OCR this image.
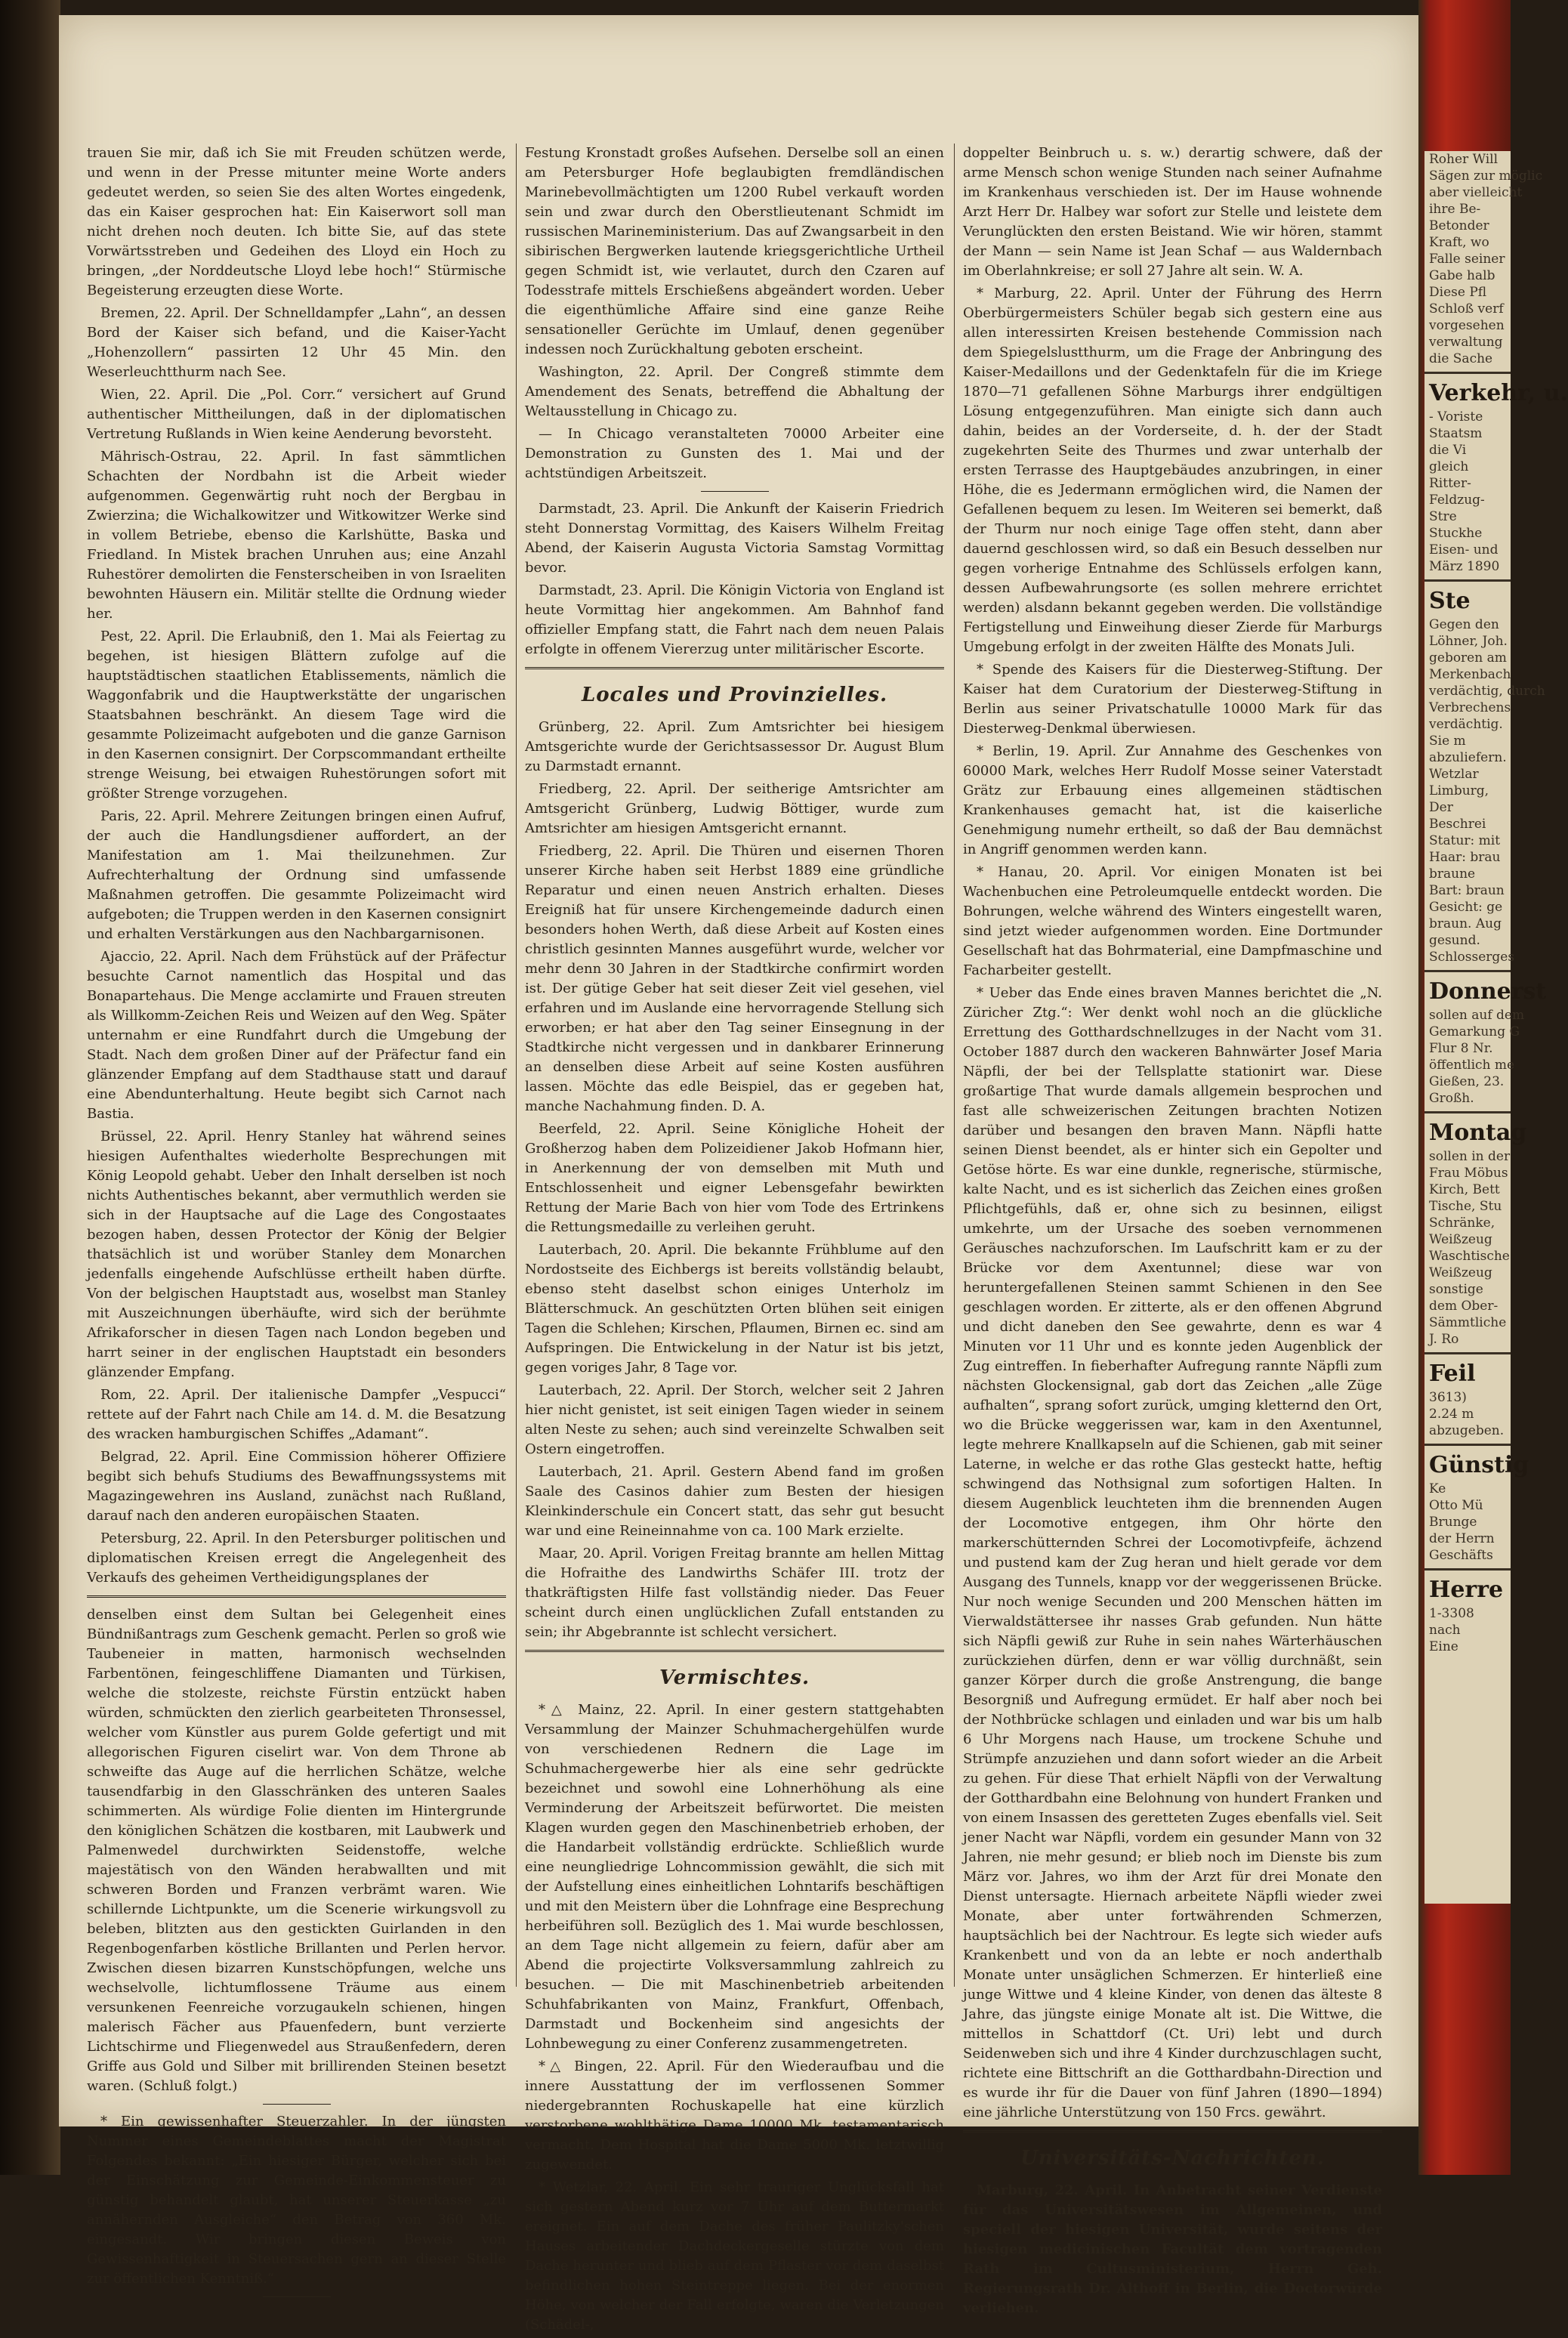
trauen Sie mir, daß ich Sie mit Freuden schützen werde, und wenn in der Presse mitunter meine Worte anders gedeutet werden, so seien Sie des alten Wortes eingedenk, das ein Kaiser gesprochen hat: Ein Kaiserwort soll man nicht drehen noch deuten. Ich bitte Sie, auf das stete Vorwärtsstreben und Gedeihen des Lloyd ein Hoch zu bringen, „der Norddeutsche Lloyd lebe hoch!“ Stürmische Begeisterung erzeugten diese Worte.

Bremen, 22. April. Der Schnelldampfer „Lahn“, an dessen Bord der Kaiser sich befand, und die Kaiser-Yacht „Hohenzollern“ passirten 12 Uhr 45 Min. den Weserleuchtthurm nach See.

Wien, 22. April. Die „Pol. Corr.“ versichert auf Grund authentischer Mittheilungen, daß in der diplomatischen Vertretung Rußlands in Wien keine Aenderung bevorsteht.

Mährisch-Ostrau, 22. April. In fast sämmtlichen Schachten der Nordbahn ist die Arbeit wieder aufgenommen. Gegenwärtig ruht noch der Bergbau in Zwierzina; die Wichalkowitzer und Witkowitzer Werke sind in vollem Betriebe, ebenso die Karlshütte, Baska und Friedland. In Mistek brachen Unruhen aus; eine Anzahl Ruhestörer demolirten die Fensterscheiben in von Israeliten bewohnten Häusern ein. Militär stellte die Ordnung wieder her.

Pest, 22. April. Die Erlaubniß, den 1. Mai als Feiertag zu begehen, ist hiesigen Blättern zufolge auf die hauptstädtischen staatlichen Etablissements, nämlich die Waggonfabrik und die Hauptwerkstätte der ungarischen Staatsbahnen beschränkt. An diesem Tage wird die gesammte Polizeimacht aufgeboten und die ganze Garnison in den Kasernen consignirt. Der Corpscommandant ertheilte strenge Weisung, bei etwaigen Ruhestörungen sofort mit größter Strenge vorzugehen.

Paris, 22. April. Mehrere Zeitungen bringen einen Aufruf, der auch die Handlungsdiener auffordert, an der Manifestation am 1. Mai theilzunehmen. Zur Aufrechterhaltung der Ordnung sind umfassende Maßnahmen getroffen. Die gesammte Polizeimacht wird aufgeboten; die Truppen werden in den Kasernen consignirt und erhalten Verstärkungen aus den Nachbargarnisonen.

Ajaccio, 22. April. Nach dem Frühstück auf der Präfectur besuchte Carnot namentlich das Hospital und das Bonapartehaus. Die Menge acclamirte und Frauen streuten als Willkomm-Zeichen Reis und Weizen auf den Weg. Später unternahm er eine Rundfahrt durch die Umgebung der Stadt. Nach dem großen Diner auf der Präfectur fand ein glänzender Empfang auf dem Stadthause statt und darauf eine Abendunterhaltung. Heute begibt sich Carnot nach Bastia.

Brüssel, 22. April. Henry Stanley hat während seines hiesigen Aufenthaltes wiederholte Besprechungen mit König Leopold gehabt. Ueber den Inhalt derselben ist noch nichts Authentisches bekannt, aber vermuthlich werden sie sich in der Hauptsache auf die Lage des Congostaates bezogen haben, dessen Protector der König der Belgier thatsächlich ist und worüber Stanley dem Monarchen jedenfalls eingehende Aufschlüsse ertheilt haben dürfte. Von der belgischen Hauptstadt aus, woselbst man Stanley mit Auszeichnungen überhäufte, wird sich der berühmte Afrikaforscher in diesen Tagen nach London begeben und harrt seiner in der englischen Hauptstadt ein besonders glänzender Empfang.

Rom, 22. April. Der italienische Dampfer „Vespucci“ rettete auf der Fahrt nach Chile am 14. d. M. die Besatzung des wracken hamburgischen Schiffes „Adamant“.

Belgrad, 22. April. Eine Commission höherer Offiziere begibt sich behufs Studiums des Bewaffnungssystems mit Magazingewehren ins Ausland, zunächst nach Rußland, darauf nach den anderen europäischen Staaten.

Petersburg, 22. April. In den Petersburger politischen und diplomatischen Kreisen erregt die Angelegenheit des Verkaufs des geheimen Vertheidigungsplanes der

denselben einst dem Sultan bei Gelegenheit eines Bündnißantrags zum Geschenk gemacht. Perlen so groß wie Taubeneier in matten, harmonisch wechselnden Farbentönen, feingeschliffene Diamanten und Türkisen, welche die stolzeste, reichste Fürstin entzückt haben würden, schmückten den zierlich gearbeiteten Thronsessel, welcher vom Künstler aus purem Golde gefertigt und mit allegorischen Figuren ciselirt war. Von dem Throne ab schweifte das Auge auf die herrlichen Schätze, welche tausendfarbig in den Glasschränken des unteren Saales schimmerten. Als würdige Folie dienten im Hintergrunde den königlichen Schätzen die kostbaren, mit Laubwerk und Palmenwedel durchwirkten Seidenstoffe, welche majestätisch von den Wänden herabwallten und mit schweren Borden und Franzen verbrämt waren. Wie schillernde Lichtpunkte, um die Scenerie wirkungsvoll zu beleben, blitzten aus den gestickten Guirlanden in den Regenbogenfarben köstliche Brillanten und Perlen hervor. Zwischen diesen bizarren Kunstschöpfungen, welche uns wechselvolle, lichtumflossene Träume aus einem versunkenen Feenreiche vorzugaukeln schienen, hingen malerisch Fächer aus Pfauenfedern, bunt verzierte Lichtschirme und Fliegenwedel aus Straußenfedern, deren Griffe aus Gold und Silber mit brillirenden Steinen besetzt waren. (Schluß folgt.)

* Ein gewissenhafter Steuerzahler. In der jüngsten Nummer eines Gemeindeblattes macht der Magistrat Folgendes bekannt: „Ein hiesiger Bürger, welcher sich bei der Einschätzung zur Gemeinde-Einkommensteuer zu günstig behandelt glaubt, hat unserer Steuerkasse „zu annähernden Ausgleiche“ den Betrag von 360 Mk. eingesandt. Wir bringen diesen Beweis von Gewissenhaftigkeit in Steuersachen gern an dieser Stelle zur öffentlichen Kenntniß.“

Festung Kronstadt großes Aufsehen. Derselbe soll an einen am Petersburger Hofe beglaubigten fremdländischen Marinebevollmächtigten um 1200 Rubel verkauft worden sein und zwar durch den Oberstlieutenant Schmidt im russischen Marineministerium. Das auf Zwangsarbeit in den sibirischen Bergwerken lautende kriegsgerichtliche Urtheil gegen Schmidt ist, wie verlautet, durch den Czaren auf Todesstrafe mittels Erschießens abgeändert worden. Ueber die eigenthümliche Affaire sind eine ganze Reihe sensationeller Gerüchte im Umlauf, denen gegenüber indessen noch Zurückhaltung geboten erscheint.

Washington, 22. April. Der Congreß stimmte dem Amendement des Senats, betreffend die Abhaltung der Weltausstellung in Chicago zu.

— In Chicago veranstalteten 70000 Arbeiter eine Demonstration zu Gunsten des 1. Mai und der achtstündigen Arbeitszeit.

Darmstadt, 23. April. Die Ankunft der Kaiserin Friedrich steht Donnerstag Vormittag, des Kaisers Wilhelm Freitag Abend, der Kaiserin Augusta Victoria Samstag Vormittag bevor.

Darmstadt, 23. April. Die Königin Victoria von England ist heute Vormittag hier angekommen. Am Bahnhof fand offizieller Empfang statt, die Fahrt nach dem neuen Palais erfolgte in offenem Viererzug unter militärischer Escorte.

Locales und Provinzielles.

Grünberg, 22. April. Zum Amtsrichter bei hiesigem Amtsgerichte wurde der Gerichtsassessor Dr. August Blum zu Darmstadt ernannt.

Friedberg, 22. April. Der seitherige Amtsrichter am Amtsgericht Grünberg, Ludwig Böttiger, wurde zum Amtsrichter am hiesigen Amtsgericht ernannt.

Friedberg, 22. April. Die Thüren und eisernen Thoren unserer Kirche haben seit Herbst 1889 eine gründliche Reparatur und einen neuen Anstrich erhalten. Dieses Ereigniß hat für unsere Kirchengemeinde dadurch einen besonders hohen Werth, daß diese Arbeit auf Kosten eines christlich gesinnten Mannes ausgeführt wurde, welcher vor mehr denn 30 Jahren in der Stadtkirche confirmirt worden ist. Der gütige Geber hat seit dieser Zeit viel gesehen, viel erfahren und im Auslande eine hervorragende Stellung sich erworben; er hat aber den Tag seiner Einsegnung in der Stadtkirche nicht vergessen und in dankbarer Erinnerung an denselben diese Arbeit auf seine Kosten ausführen lassen. Möchte das edle Beispiel, das er gegeben hat, manche Nachahmung finden. D. A.

Beerfeld, 22. April. Seine Königliche Hoheit der Großherzog haben dem Polizeidiener Jakob Hofmann hier, in Anerkennung der von demselben mit Muth und Entschlossenheit und eigner Lebensgefahr bewirkten Rettung der Marie Bach von hier vom Tode des Ertrinkens die Rettungsmedaille zu verleihen geruht.

Lauterbach, 20. April. Die bekannte Frühblume auf den Nordostseite des Eichbergs ist bereits vollständig belaubt, ebenso steht daselbst schon einiges Unterholz im Blätterschmuck. An geschützten Orten blühen seit einigen Tagen die Schlehen; Kirschen, Pflaumen, Birnen ec. sind am Aufspringen. Die Entwickelung in der Natur ist bis jetzt, gegen voriges Jahr, 8 Tage vor.

Lauterbach, 22. April. Der Storch, welcher seit 2 Jahren hier nicht genistet, ist seit einigen Tagen wieder in seinem alten Neste zu sehen; auch sind vereinzelte Schwalben seit Ostern eingetroffen.

Lauterbach, 21. April. Gestern Abend fand im großen Saale des Casinos dahier zum Besten der hiesigen Kleinkinderschule ein Concert statt, das sehr gut besucht war und eine Reineinnahme von ca. 100 Mark erzielte.

Maar, 20. April. Vorigen Freitag brannte am hellen Mittag die Hofraithe des Landwirths Schäfer III. trotz der thatkräftigsten Hilfe fast vollständig nieder. Das Feuer scheint durch einen unglücklichen Zufall entstanden zu sein; ihr Abgebrannte ist schlecht versichert.

Vermischtes.

*△ Mainz, 22. April. In einer gestern stattgehabten Versammlung der Mainzer Schuhmachergehülfen wurde von verschiedenen Rednern die Lage im Schuhmachergewerbe hier als eine sehr gedrückte bezeichnet und sowohl eine Lohnerhöhung als eine Verminderung der Arbeitszeit befürwortet. Die meisten Klagen wurden gegen den Maschinenbetrieb erhoben, der die Handarbeit vollständig erdrückte. Schließlich wurde eine neungliedrige Lohncommission gewählt, die sich mit der Aufstellung eines einheitlichen Lohntarifs beschäftigen und mit den Meistern über die Lohnfrage eine Besprechung herbeiführen soll. Bezüglich des 1. Mai wurde beschlossen, an dem Tage nicht allgemein zu feiern, dafür aber am Abend die projectirte Volksversammlung zahlreich zu besuchen. — Die mit Maschinenbetrieb arbeitenden Schuhfabrikanten von Mainz, Frankfurt, Offenbach, Darmstadt und Bockenheim sind angesichts der Lohnbewegung zu einer Conferenz zusammengetreten.

*△ Bingen, 22. April. Für den Wiederaufbau und die innere Ausstattung der im verflossenen Sommer niedergebrannten Rochuskapelle hat eine kürzlich verstorbene wohlthätige Dame 10000 Mk. testamentarisch vermacht. Dem Hospital hat die Dame 5000 Mk. letztwillig zugewendet.

* Wetzlar, 22. April. Ein sehr trauriger Unglücksfall hat sich gestern Abend kurz vor 7 Uhr auf dem Buttermarkt ereignet. Ein auf dem Dache des früher Paulitzky'schen Hauses arbeitender Dachdeckergeselle stürzte von dem Dache herunter und blieb auf dem Pflaster vor dem daselbst befindlichen hohen Steintreppe liegen. Bei der enormen Höhe, von welcher der Fall erfolgte, waren die Verletzungen (Schädel-,

doppelter Beinbruch u. s. w.) derartig schwere, daß der arme Mensch schon wenige Stunden nach seiner Aufnahme im Krankenhaus verschieden ist. Der im Hause wohnende Arzt Herr Dr. Halbey war sofort zur Stelle und leistete dem Verunglückten den ersten Beistand. Wie wir hören, stammt der Mann — sein Name ist Jean Schaf — aus Waldernbach im Oberlahnkreise; er soll 27 Jahre alt sein. W. A.

* Marburg, 22. April. Unter der Führung des Herrn Oberbürgermeisters Schüler begab sich gestern eine aus allen interessirten Kreisen bestehende Commission nach dem Spiegelslustthurm, um die Frage der Anbringung des Kaiser-Medaillons und der Gedenktafeln für die im Kriege 1870—71 gefallenen Söhne Marburgs ihrer endgültigen Lösung entgegenzuführen. Man einigte sich dann auch dahin, beides an der Vorderseite, d. h. der der Stadt zugekehrten Seite des Thurmes und zwar unterhalb der ersten Terrasse des Hauptgebäudes anzubringen, in einer Höhe, die es Jedermann ermöglichen wird, die Namen der Gefallenen bequem zu lesen. Im Weiteren sei bemerkt, daß der Thurm nur noch einige Tage offen steht, dann aber dauernd geschlossen wird, so daß ein Besuch desselben nur gegen vorherige Entnahme des Schlüssels erfolgen kann, dessen Aufbewahrungsorte (es sollen mehrere errichtet werden) alsdann bekannt gegeben werden. Die vollständige Fertigstellung und Einweihung dieser Zierde für Marburgs Umgebung erfolgt in der zweiten Hälfte des Monats Juli.

* Spende des Kaisers für die Diesterweg-Stiftung. Der Kaiser hat dem Curatorium der Diesterweg-Stiftung in Berlin aus seiner Privatschatulle 10000 Mark für das Diesterweg-Denkmal überwiesen.

* Berlin, 19. April. Zur Annahme des Geschenkes von 60000 Mark, welches Herr Rudolf Mosse seiner Vaterstadt Grätz zur Erbauung eines allgemeinen städtischen Krankenhauses gemacht hat, ist die kaiserliche Genehmigung numehr ertheilt, so daß der Bau demnächst in Angriff genommen werden kann.

* Hanau, 20. April. Vor einigen Monaten ist bei Wachenbuchen eine Petroleumquelle entdeckt worden. Die Bohrungen, welche während des Winters eingestellt waren, sind jetzt wieder aufgenommen worden. Eine Dortmunder Gesellschaft hat das Bohrmaterial, eine Dampfmaschine und Facharbeiter gestellt.

* Ueber das Ende eines braven Mannes berichtet die „N. Züricher Ztg.“: Wer denkt wohl noch an die glückliche Errettung des Gotthardschnellzuges in der Nacht vom 31. October 1887 durch den wackeren Bahnwärter Josef Maria Näpfli, der bei der Tellsplatte stationirt war. Diese großartige That wurde damals allgemein besprochen und fast alle schweizerischen Zeitungen brachten Notizen darüber und besangen den braven Mann. Näpfli hatte seinen Dienst beendet, als er hinter sich ein Gepolter und Getöse hörte. Es war eine dunkle, regnerische, stürmische, kalte Nacht, und es ist sicherlich das Zeichen eines großen Pflichtgefühls, daß er, ohne sich zu besinnen, eiligst umkehrte, um der Ursache des soeben vernommenen Geräusches nachzuforschen. Im Laufschritt kam er zu der Brücke vor dem Axentunnel; diese war von heruntergefallenen Steinen sammt Schienen in den See geschlagen worden. Er zitterte, als er den offenen Abgrund und dicht daneben den See gewahrte, denn es war 4 Minuten vor 11 Uhr und es konnte jeden Augenblick der Zug eintreffen. In fieberhafter Aufregung rannte Näpfli zum nächsten Glockensignal, gab dort das Zeichen „alle Züge aufhalten“, sprang sofort zurück, umging kletternd den Ort, wo die Brücke weggerissen war, kam in den Axentunnel, legte mehrere Knallkapseln auf die Schienen, gab mit seiner Laterne, in welche er das rothe Glas gesteckt hatte, heftig schwingend das Nothsignal zum sofortigen Halten. In diesem Augenblick leuchteten ihm die brennenden Augen der Locomotive entgegen, ihm Ohr hörte den markerschütternden Schrei der Locomotivpfeife, ächzend und pustend kam der Zug heran und hielt gerade vor dem Ausgang des Tunnels, knapp vor der weggerissenen Brücke. Nur noch wenige Secunden und 200 Menschen hätten im Vierwaldstättersee ihr nasses Grab gefunden. Nun hätte sich Näpfli gewiß zur Ruhe in sein nahes Wärterhäuschen zurückziehen dürfen, denn er war völlig durchnäßt, sein ganzer Körper durch die große Anstrengung, die bange Besorgniß und Aufregung ermüdet. Er half aber noch bei der Nothbrücke schlagen und einladen und war bis um halb 6 Uhr Morgens nach Hause, um trockene Schuhe und Strümpfe anzuziehen und dann sofort wieder an die Arbeit zu gehen. Für diese That erhielt Näpfli von der Verwaltung der Gotthardbahn eine Belohnung von hundert Franken und von einem Insassen des geretteten Zuges ebenfalls viel. Seit jener Nacht war Näpfli, vordem ein gesunder Mann von 32 Jahren, nie mehr gesund; er blieb noch im Dienste bis zum März vor. Jahres, wo ihm der Arzt für drei Monate den Dienst untersagte. Hiernach arbeitete Näpfli wieder zwei Monate, aber unter fortwährenden Schmerzen, hauptsächlich bei der Nachtrour. Es legte sich wieder aufs Krankenbett und von da an lebte er noch anderthalb Monate unter unsäglichen Schmerzen. Er hinterließ eine junge Wittwe und 4 kleine Kinder, von denen das älteste 8 Jahre, das jüngste einige Monate alt ist. Die Wittwe, die mittellos in Schattdorf (Ct. Uri) lebt und durch Seidenweben sich und ihre 4 Kinder durchzuschlagen sucht, richtete eine Bittschrift an die Gotthardbahn-Direction und es wurde ihr für die Dauer von fünf Jahren (1890—1894) eine jährliche Unterstützung von 150 Frcs. gewährt.

Universitäts-Nachrichten.

Marburg, 22. April. In Anbetracht seiner Verdienste für das Universitätswesen im Allgemeinen, und speciell der hiesigen Universität, wurde seitens der hiesigen medicinischen Facultät dem vortragenden Rath im Cultusministerium, Herrn Geh. Regierungsrath Dr. Althoff in Berlin, die Doctorwürde verliehen.

Roher Will
Sägen zur möglic
aber vielleicht
ihre Be-
Betonder
Kraft, wo
Falle seiner
Gabe halb
Diese Pfl
Schloß verf
vorgesehen
verwaltung
die Sache
Verkehr, u.
- Voriste
Staatsm
die Vi
gleich
Ritter-
Feldzug-
Stre
Stuckhe
Eisen- und
März 1890
Ste
Gegen den
Löhner, Joh.
geboren am
Merkenbach
verdächtig, durch
Verbrechens
verdächtig.
Sie m
abzuliefern.
Wetzlar
Limburg,
Der
Beschrei
Statur: mit
Haar: brau
braune
Bart: braun
Gesicht: ge
braun. Aug
gesund.
Schlosserges
Donnerst
sollen auf dem
Gemarkung G
Flur 8 Nr.
öffentlich me
Gießen, 23.
Großh.
Montag
sollen in der
Frau Möbus
Kirch, Bett
Tische, Stu
Schränke,
Weißzeug
Waschtische
Weißzeug
sonstige
dem Ober-
Sämmtliche
J. Ro
Feil
3613)
2.24 m
abzugeben.
Günstig
Ke
Otto Mü
Brunge
der Herrn
Geschäfts
Herre
1-3308
nach
Eine
